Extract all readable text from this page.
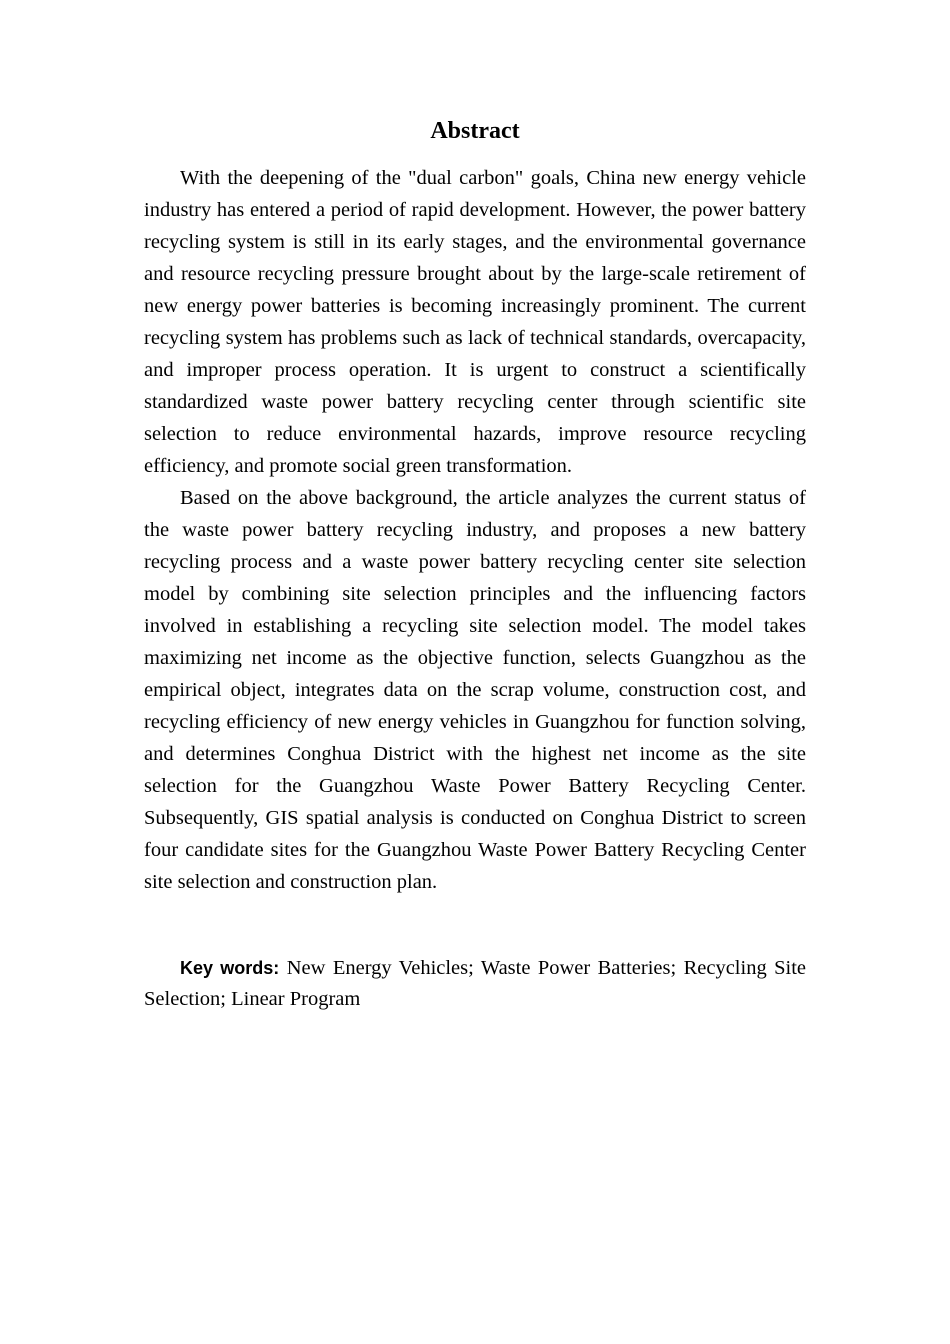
Abstract

With the deepening of the "dual carbon" goals, China new energy vehicle industry has entered a period of rapid development. However, the power battery recycling system is still in its early stages, and the environmental governance and resource recycling pressure brought about by the large-scale retirement of new energy power batteries is becoming increasingly prominent. The current recycling system has problems such as lack of technical standards, overcapacity, and improper process operation. It is urgent to construct a scientifically standardized waste power battery recycling center through scientific site selection to reduce environmental hazards, improve resource recycling efficiency, and promote social green transformation.

Based on the above background, the article analyzes the current status of the waste power battery recycling industry, and proposes a new battery recycling process and a waste power battery recycling center site selection model by combining site selection principles and the influencing factors involved in establishing a recycling site selection model. The model takes maximizing net income as the objective function, selects Guangzhou as the empirical object, integrates data on the scrap volume, construction cost, and recycling efficiency of new energy vehicles in Guangzhou for function solving, and determines Conghua District with the highest net income as the site selection for the Guangzhou Waste Power Battery Recycling Center. Subsequently, GIS spatial analysis is conducted on Conghua District to screen four candidate sites for the Guangzhou Waste Power Battery Recycling Center site selection and construction plan.

Key words: New Energy Vehicles; Waste Power Batteries; Recycling Site Selection; Linear Program
